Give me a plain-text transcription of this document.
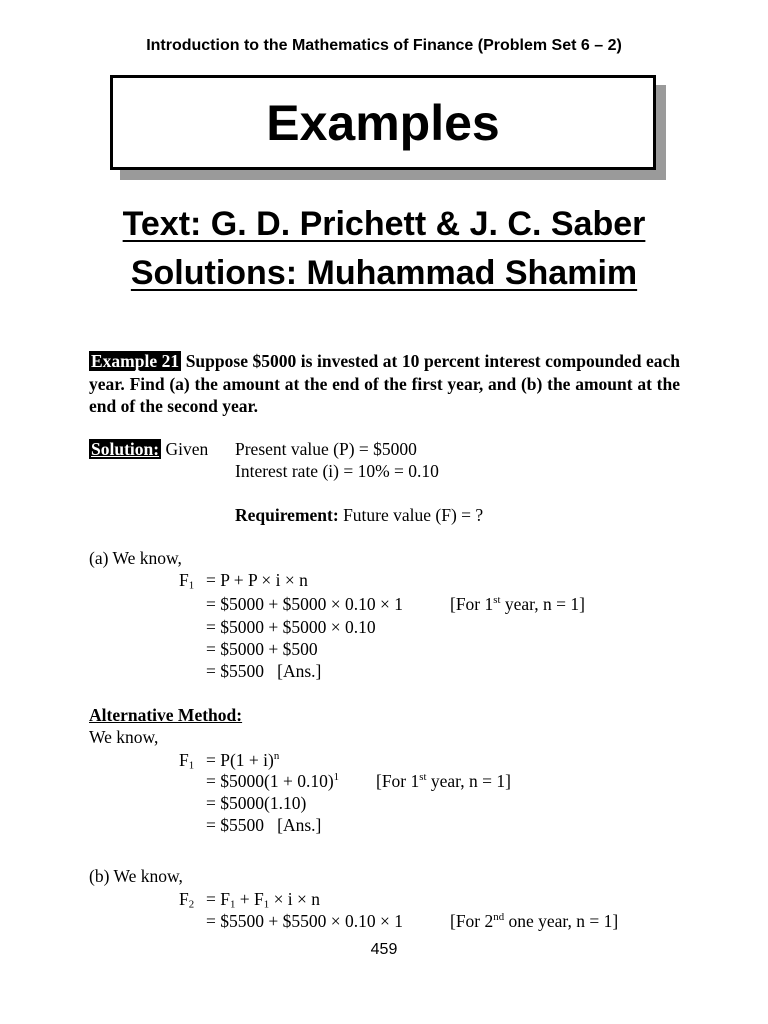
Introduction to the Mathematics of Finance (Problem Set 6 – 2)
Examples
Text: G. D. Prichett & J. C. Saber
Solutions: Muhammad Shamim
Example 21 Suppose $5000 is invested at 10 percent interest compounded each year. Find (a) the amount at the end of the first year, and (b) the amount at the end of the second year.
Solution: Given Present value (P) = $5000
Interest rate (i) = 10% = 0.10
Requirement: Future value (F) = ?
(a) We know,
$F_1 = P + P \times i \times n$
= $5000 + $5000 × 0.10 × 1	[For 1st year, n = 1]
= $5000 + $5000 × 0.10
= $5000 + $500
= $5500   [Ans.]
Alternative Method:
We know,
$F_1 = P(1 + i)^n$
= $5000(1 + 0.10)$^1$ [For 1st year, n = 1]
= $5000(1.10)
= $5500   [Ans.]
(b) We know,
$F_2 = F_1 + F_1 \times i \times n$
= $5500 + $5500 × 0.10 × 1	[For 2nd one year, n = 1]
459
